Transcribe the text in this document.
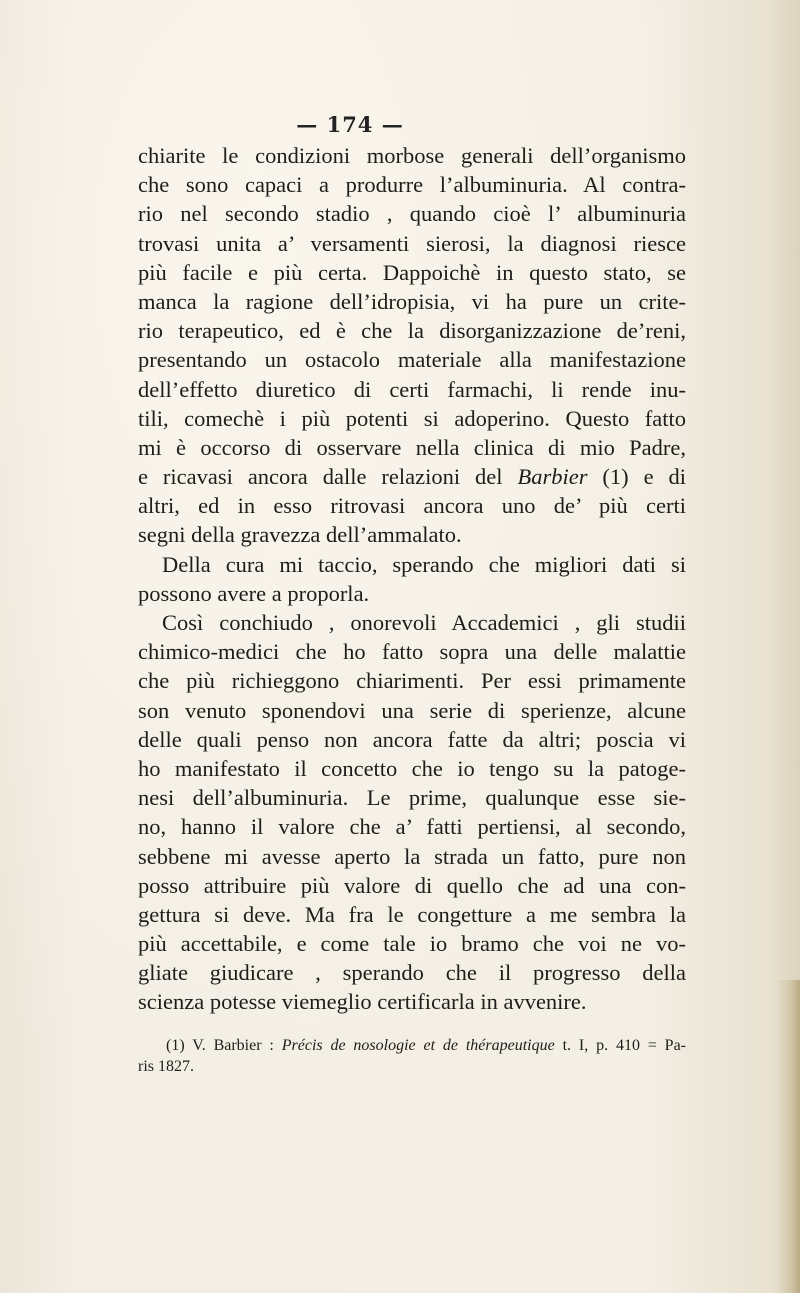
— 174 —
chiarite le condizioni morbose generali dell’organismo
che sono capaci a produrre l’albuminuria. Al contra-
rio nel secondo stadio , quando cioè l’ albuminuria
trovasi unita a’ versamenti sierosi, la diagnosi riesce
più facile e più certa. Dappoichè in questo stato, se
manca la ragione dell’idropisia, vi ha pure un crite-
rio terapeutico, ed è che la disorganizzazione de’reni,
presentando un ostacolo materiale alla manifestazione
dell’effetto diuretico di certi farmachi, li rende inu-
tili, comechè i più potenti si adoperino. Questo fatto
mi è occorso di osservare nella clinica di mio Padre,
e ricavasi ancora dalle relazioni del Barbier (1) e di
altri, ed in esso ritrovasi ancora uno de’ più certi
segni della gravezza dell’ammalato.
Della cura mi taccio, sperando che migliori dati si
possono avere a proporla.
Così conchiudo , onorevoli Accademici , gli studii
chimico-medici che ho fatto sopra una delle malattie
che più richieggono chiarimenti. Per essi primamente
son venuto sponendovi una serie di sperienze, alcune
delle quali penso non ancora fatte da altri; poscia vi
ho manifestato il concetto che io tengo su la patoge-
nesi dell’albuminuria. Le prime, qualunque esse sie-
no, hanno il valore che a’ fatti pertiensi, al secondo,
sebbene mi avesse aperto la strada un fatto, pure non
posso attribuire più valore di quello che ad una con-
gettura si deve. Ma fra le congetture a me sembra la
più accettabile, e come tale io bramo che voi ne vo-
gliate giudicare , sperando che il progresso della
scienza potesse viemeglio certificarla in avvenire.
(1) V. Barbier : Précis de nosologie et de thérapeutique t. I, p. 410 = Pa-
ris 1827.
